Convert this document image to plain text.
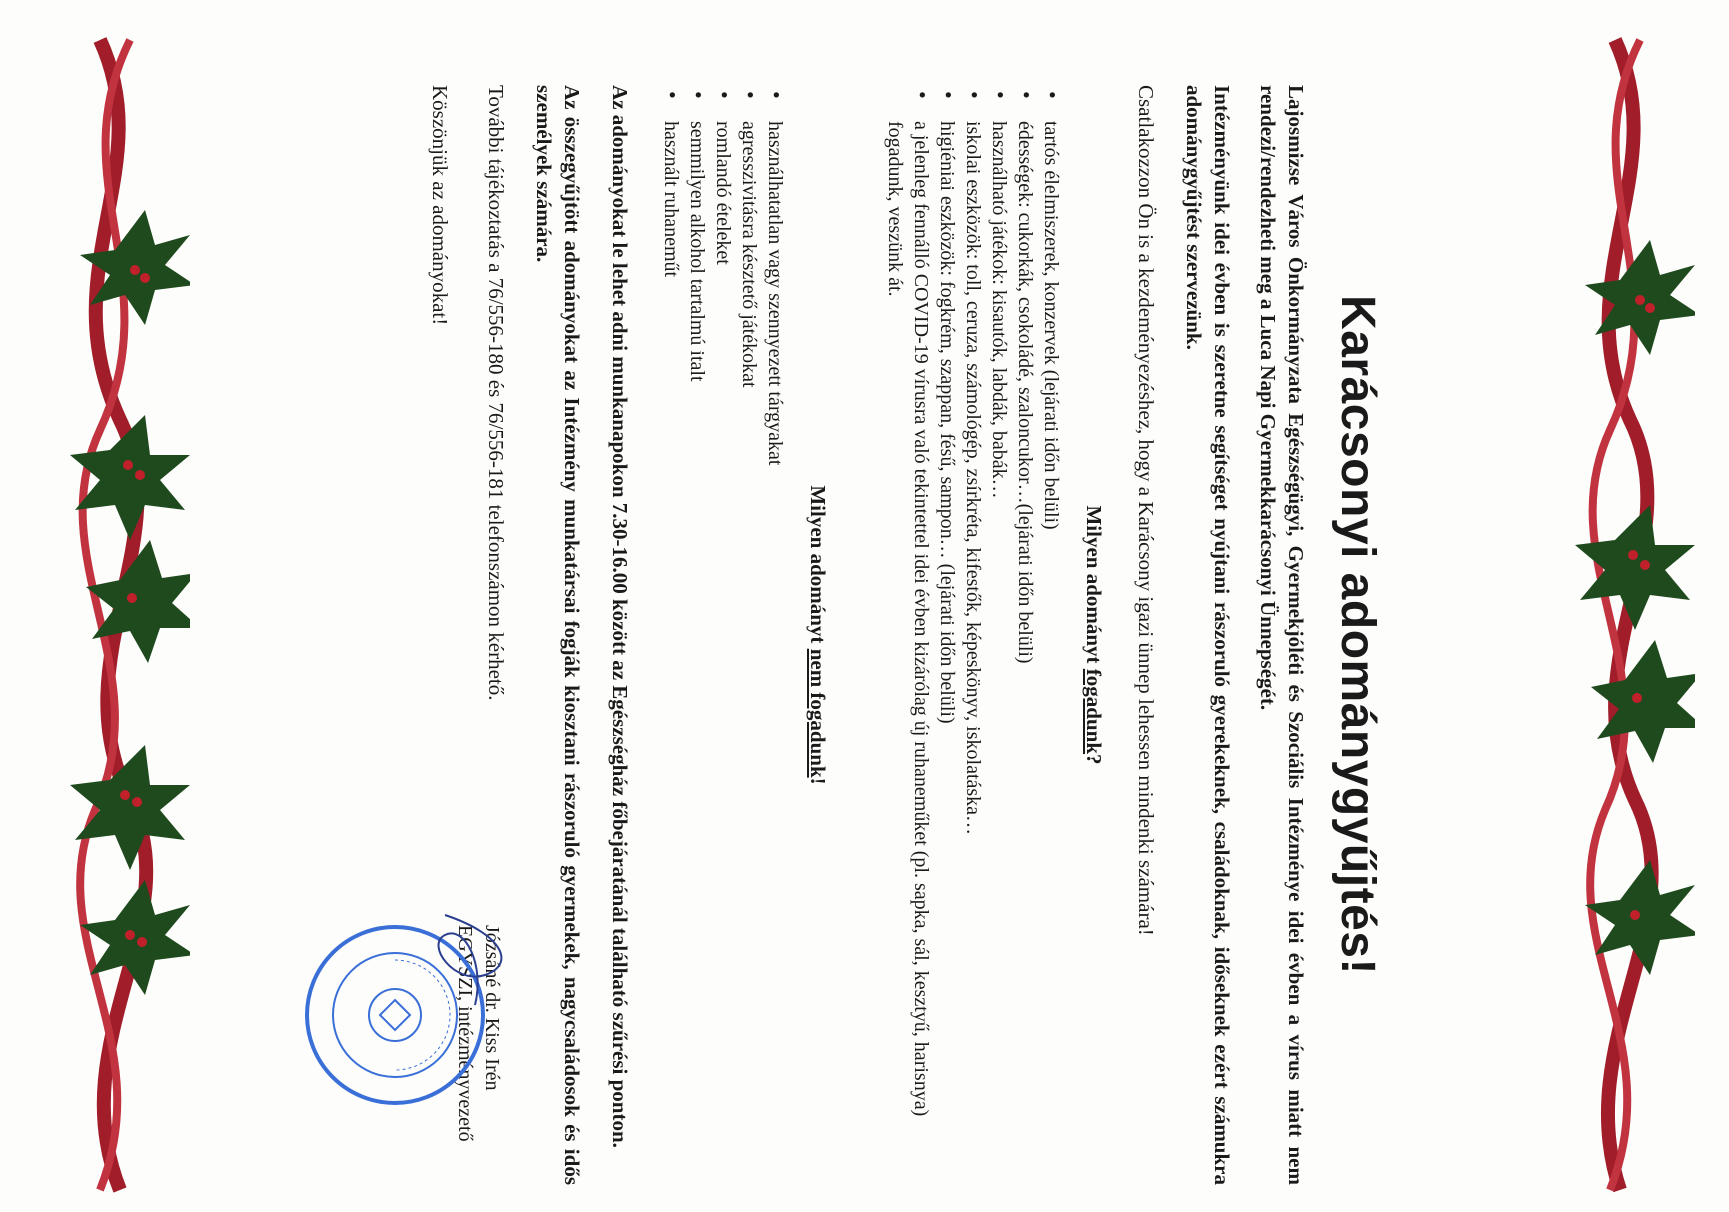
Karácsonyi adománygyűjtés!

Lajosmizse Város Önkormányzata Egészségügyi, Gyermekjóléti és Szociális Intézménye idei évben a vírus miatt nem rendezi/rendezheti meg a Luca Napi Gyermekkarácsonyi Ünnepségét.

Intézményünk idei évben is szeretne segítséget nyújtani rászoruló gyerekeknek, családoknak, időseknek ezért számukra adománygyűjtést szervezünk.

Csatlakozzon Ön is a kezdeményezéshez, hogy a Karácsony igazi ünnep lehessen mindenki számára!

Milyen adományt fogadunk?

• tartós élelmiszerek, konzervek (lejárati időn belüli)
• édességek: cukorkák, csokoládé, szaloncukor…(lejárati időn belüli)
• használható játékok: kisautók, labdák, babák…
• iskolai eszközök: toll, ceruza, számológép, zsírkréta, kifestők, képeskönyv, iskolatáska…
• higiéniai eszközök: fogkrém, szappan, fésű, sampon… (lejárati időn belüli)
• a jelenleg fennálló COVID-19 vírusra való tekintettel idei évben kizárólag új ruhaneműket (pl. sapka, sál, kesztyű, harisnya) fogadunk, veszünk át.

Milyen adományt nem fogadunk!

• használhatatlan vagy szennyezett tárgyakat
• agresszivitásra késztető játékokat
• romlandó ételeket
• semmilyen alkohol tartalmú italt
• használt ruhaneműt

Az adományokat le lehet adni munkanapokon 7.30-16.00 között az Egészségház főbejáratánál található szűrési ponton.

Az összegyűjtött adományokat az Intézmény munkatársai fogják kiosztani rászoruló gyermekek, nagycsaládosok és idős személyek számára.

További tájékoztatás a 76/556-180 és 76/556-181 telefonszámon kérhető.

Köszönjük az adományokat!

Józsáné dr. Kiss Irén
EGYSZI, intézményvezető
